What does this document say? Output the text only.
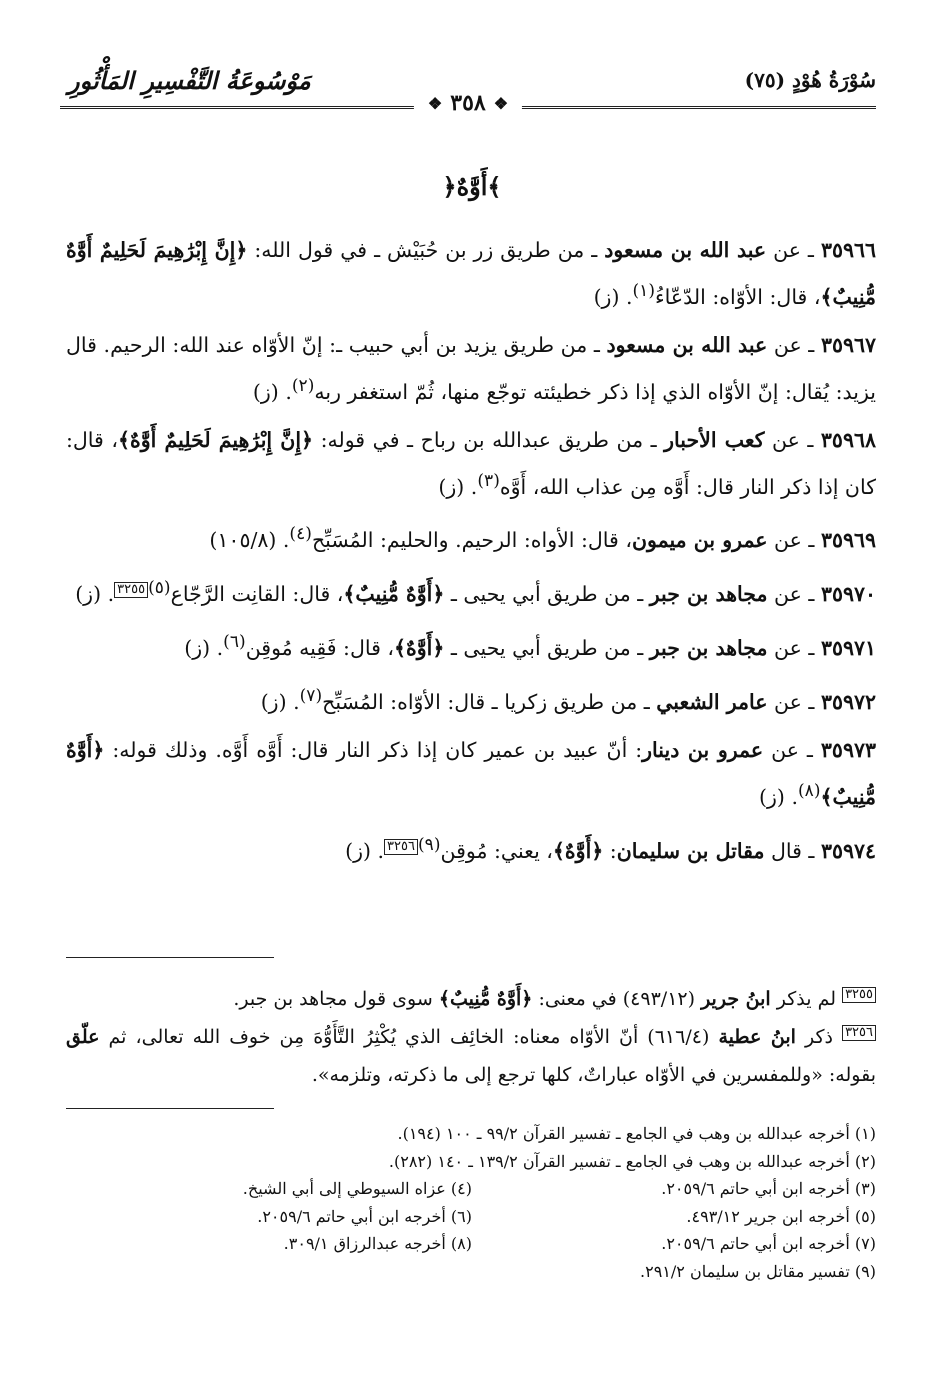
سُوْرَةُ هُوْدٍ (٧٥)
مَوْسُوعَةُ التَّفْسِيرِ المَأْثُورِ
❖
٣٥٨
❖
﴿أَوَّٰهٌ﴾

٣٥٩٦٦ ـ عن عبد الله بن مسعود ـ من طريق زر بن حُبَيْش ـ في قول الله: ﴿إِنَّ إِبْرَٰهِيمَ لَحَلِيمٌ أَوَّٰهٌ مُّنِيبٌ﴾، قال: الأوّاه: الدّعّاءُ$^{(١)}$. (ز)

٣٥٩٦٧ ـ عن عبد الله بن مسعود ـ من طريق يزيد بن أبي حبيب ـ: إنّ الأوّاه عند الله: الرحيم. قال يزيد: يُقال: إنّ الأوّاه الذي إذا ذكر خطيئته توجّع منها، ثُمّ استغفر ربه$^{(٢)}$. (ز)

٣٥٩٦٨ ـ عن كعب الأحبار ـ من طريق عبدالله بن رباح ـ في قوله: ﴿إِنَّ إِبْرَٰهِيمَ لَحَلِيمٌ أَوَّٰهٌ﴾، قال: كان إذا ذكر النار قال: أَوَّه مِن عذاب الله، أَوَّه$^{(٣)}$. (ز)

٣٥٩٦٩ ـ عن عمرو بن ميمون، قال: الأواه: الرحيم. والحليم: المُسَبِّح$^{(٤)}$. (١٠٥/٨)

٣٥٩٧٠ ـ عن مجاهد بن جبر ـ من طريق أبي يحيى ـ ﴿أَوَّٰهٌ مُّنِيبٌ﴾، قال: القانِت الرَّجّاع$^{(٥)}$٣٢٥٥. (ز)

٣٥٩٧١ ـ عن مجاهد بن جبر ـ من طريق أبي يحيى ـ ﴿أَوَّٰهٌ﴾، قال: فَقِيه مُوقِن$^{(٦)}$. (ز)

٣٥٩٧٢ ـ عن عامر الشعبي ـ من طريق زكريا ـ قال: الأوّاه: المُسَبِّح$^{(٧)}$. (ز)

٣٥٩٧٣ ـ عن عمرو بن دينار: أنّ عبيد بن عمير كان إذا ذكر النار قال: أَوَّه أَوَّه. وذلك قوله: ﴿أَوَّٰهٌ مُّنِيبٌ﴾$^{(٨)}$. (ز)

٣٥٩٧٤ ـ قال مقاتل بن سليمان: ﴿أَوَّٰهٌ﴾، يعني: مُوقِن$^{(٩)}$٣٢٥٦. (ز)

٣٢٥٥ لم يذكر ابنُ جرير (٤٩٣/١٢) في معنى: ﴿أَوَّٰهٌ مُّنِيبٌ﴾ سوى قول مجاهد بن جبر.

٣٢٥٦ ذكر ابنُ عطية (٦١٦/٤) أنّ الأوّاه معناه: الخائِف الذي يُكْثِرُ التَّأَوُّهَ مِن خوف الله تعالى، ثم علّق بقوله: «وللمفسرين في الأوّاه عباراتٌ، كلها ترجع إلى ما ذكرته، وتلزمه».

(١) أخرجه عبدالله بن وهب في الجامع ـ تفسير القرآن ٩٩/٢ ـ ١٠٠ (١٩٤).
(٢) أخرجه عبدالله بن وهب في الجامع ـ تفسير القرآن ١٣٩/٢ ـ ١٤٠ (٢٨٢).
(٣) أخرجه ابن أبي حاتم ٢٠٥٩/٦.
(٤) عزاه السيوطي إلى أبي الشيخ.
(٥) أخرجه ابن جرير ٤٩٣/١٢.
(٦) أخرجه ابن أبي حاتم ٢٠٥٩/٦.
(٧) أخرجه ابن أبي حاتم ٢٠٥٩/٦.
(٨) أخرجه عبدالرزاق ٣٠٩/١.
(٩) تفسير مقاتل بن سليمان ٢٩١/٢.
